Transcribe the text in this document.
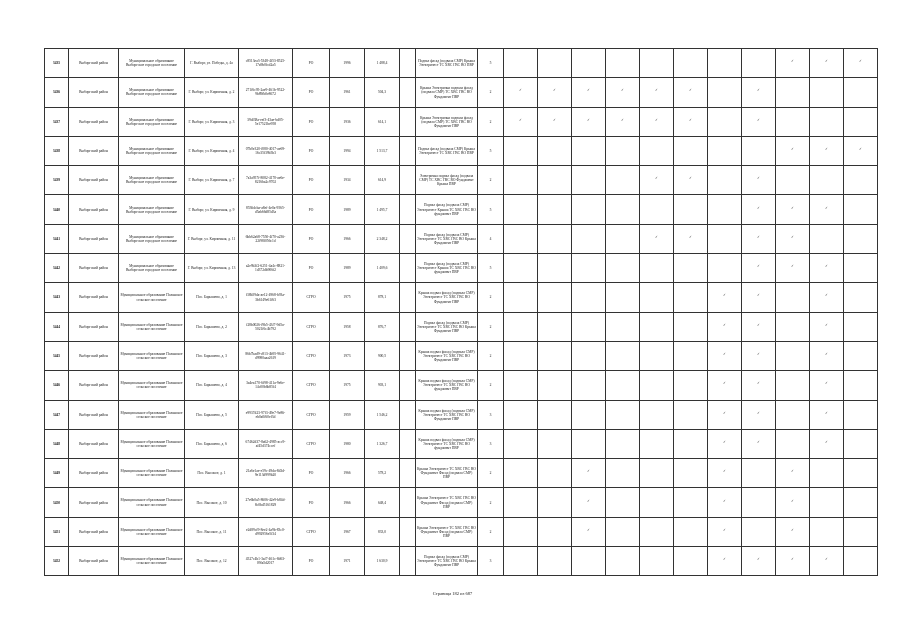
3435	Выборгский район	Муниципальное образование Выборгское городское поселение	Г. Выборг, ул. Победы, д. 4а	c8513ea3-5348-4f53-8525-17a9b0fcd2a5	РО	1996	1 488,4		Подвал фасад (подвала СМР) Крыша Электричест ТС ХВС ГВС ВО ПВР	5									✓	✓	✓
3436	Выборгский район	Муниципальное образование Выборгское городское поселение	Г. Выборг, ул. Кирпичная, д. 2	271f6c95-2ae9-461b-9522-9b89fb0e8672	РО	1961	504,3		Крыша Электрична подвала фасад (подвала СМР) ТС ХВС ГВС ВО Фундамент ПВР	2	✓	✓	✓	✓	✓	✓		✓			
3437	Выборгский район	Муниципальное образование Выборгское городское поселение	Г. Выборг, ул. Кирпичная, д. 3	39df38a-eef3-43ae-bd05-5e17521be958	РО	1936	614,1		Крыша Электрична подвала фасад (подвала СМР) ТС ХВС ГВС ВО Фундамент ПВР	2	✓	✓	✓	✓	✓	✓		✓			
3438	Выборгский район	Муниципальное образование Выборгское городское поселение	Г. Выборг, ул. Кирпичная, д. 4	07b0e320-f080-4017-ae69-16c35f39b5b3	РО	1994	1 513,7		Подвал фасад (подвала СМР) Крыша Электричест ТС ХВС ГВС ВО ПВР	5									✓	✓	✓
3439	Выборгский район	Муниципальное образование Выборгское городское поселение	Г. Выборг, ул. Кирпичная, д. 7	7a3a957f-8082-4170-ae6e-8216ba2c9702	РО	1934	614,9		Электрична подвал фасад (подвала СМР) ТС ХВС ГВС ВО Фундамент Крыша ПВР	2					✓	✓		✓			
3440	Выборгский район	Муниципальное образование Выборгское городское поселение	Г. Выборг, ул. Кирпичная, д. 9	8536dcba-a8ef-4e0a-9565-d5ab66d85d3a	РО	1989	1 495,7		Подвал фасад (подвала СМР) Электричест Крыша ТС ХВС ГВС ВО фундамент ПВР	5								✓	✓	✓	
3441	Выборгский район	Муниципальное образование Выборгское городское поселение	Г. Выборг, ул. Кирпичная, д. 11	6bb62a68-7550-4f70-a236-22f98f056c1d	РО	1966	2 348,2		Подвал фасад (подвала СМР) Электричест ТС ХВС ГВС ВО Крыша Фундамент ПВР	4					✓	✓		✓	✓		
3442	Выборгский район	Муниципальное образование Выборгское городское поселение	Г. Выборг, ул. Кирпичная, д. 13	a2e9b3f2-6251-4a4c-8821-1d372db906f2	РО	1989	1 409,6		Подвал фасад (подвала СМР) Электричест Крыша ТС ХВС ГВС ВО фундамент ПВР	5								✓	✓	✓	
3443	Выборгский район	Муниципальное образование Полянское сельское поселение	Пос. Барышево, д. 1	f38b59da-ae12-4968-b93a-3b6149e61f63	СГРО	1975	878,1		Крыша подвал фасад (подвала СМР) Электричест ТС ХВС ГВС ВО Фундамент ПВР	2							✓	✓		✓	
3444	Выборгский район	Муниципальное образование Полянское сельское поселение	Пос. Барышево, д. 2	f28b0026-f9b5-43f7-9d5a-5021f6c4b792	СГРО	1958	876,7		Подвал фасад (подвала СМР) Электричест ТС ХВС ГВС ВО Крыша Фундамент ПВР	2							✓	✓		✓	
3445	Выборгский район	Муниципальное образование Полянское сельское поселение	Пос. Барышево, д. 3	86b7bad9-c813-4b95-9641-d9980aaa2619	СГРО	1973	900,5		Крыша подвал фасад (подвала СМР) Электричест ТС ХВС ГВС ВО Фундамент ПВР	2							✓	✓		✓	
3446	Выборгский район	Муниципальное образование Полянское сельское поселение	Пос. Барышево, д. 4	3a4ea170-6f98-411a-9e6e-14c00b6b85f4	СГРО	1975	903,1		Крыша подвал фасад (подвала СМР) Электричест ТС ХВС ГВС ВО фундамент ПВР	2							✓	✓		✓	
3447	Выборгский район	Муниципальное образование Полянское сельское поселение	Пос. Барышево, д. 5	e9937d23-97f3-49e7-9e86-eb0a0f60ef3d	СГРО	1959	1 546,2		Крыша подвал фасад (подвала СМР) Электричест ТС ХВС ГВС ВО Фундамент ПВР	3							✓	✓		✓	
3448	Выборгский район	Муниципальное образование Полянское сельское поселение	Пос. Барышево, д. 6	67462d37-8a62-4985-acc9-af45d374ccef	СГРО	1980	1 326,7		Крыша подвал фасад (подвала СМР) Электричест ТС ХВС ГВС ВО фундамент ПВР	3							✓	✓		✓	
3449	Выборгский район	Муниципальное образование Полянское сельское поселение	Пос. Высокое, д. 1	21a6e1ae-e59c-49da-8d3d-9e113d999b20	РО	1966	578,2		Крыша Электричест ТС ХВС ГВС ВО Фундамент Фасад (подвала СМР) ПВР	2			✓				✓		✓		
3450	Выборгский район	Муниципальное образование Полянское сельское поселение	Пос. Высокое, д. 10	27e6b0a5-8606-42e9-b84d-8c0bd5161829	РО	1966	648,4		Крыша Электричест ТС ХВС ГВС ВО Фундамент Фасад (подвала СМР) ПВР	2			✓				✓		✓		
3451	Выборгский район	Муниципальное образование Полянское сельское поселение	Пос. Высокое, д. 11	e2d89cf9-8ee2-4a9b-83c0-d992956e5f34	СГРО	1967	833,0		Крыша Электричест ТС ХВС ГВС ВО Фундамент Фасад (подвала СМР) ПВР	2			✓				✓		✓		
3452	Выборгский район	Муниципальное образование Полянское сельское поселение	Пос. Высокое, д. 12	4527c4b1-3af7-461c-8d63-09fa5d2017	РО	1971	1 630,9		Подвал фасад (подвала СМР) Электричест ТС ХВС ГВС ВО Крыша Фундамент ПВР	3							✓	✓	✓	✓	
Страница 182 из 687
